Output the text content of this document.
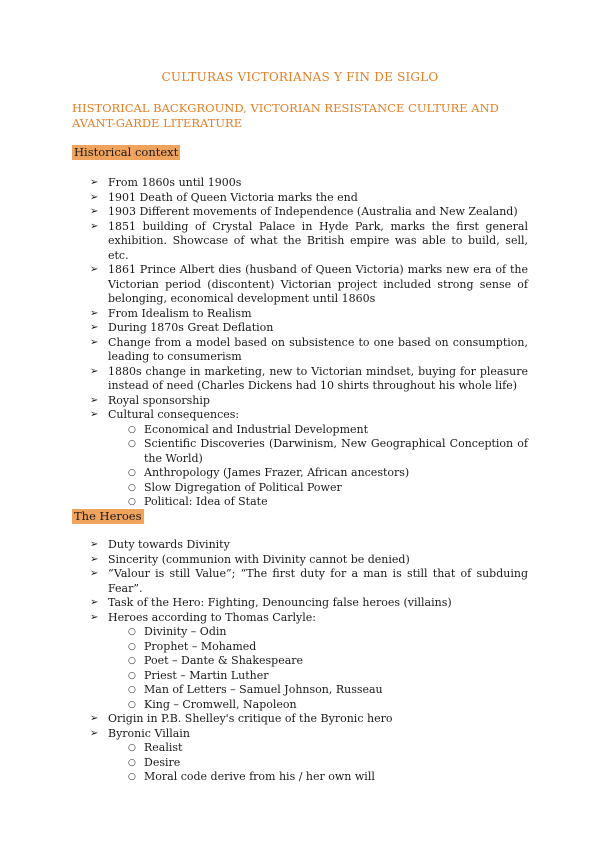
CULTURAS VICTORIANAS Y FIN DE SIGLO
HISTORICAL BACKGROUND, VICTORIAN RESISTANCE CULTURE AND AVANT-GARDE LITERATURE
Historical context
➢ From 1860s until 1900s
➢ 1901 Death of Queen Victoria marks the end
➢ 1903 Different movements of Independence (Australia and New Zealand)
➢ 1851 building of Crystal Palace in Hyde Park, marks the first general exhibition. Showcase of what the British empire was able to build, sell, etc.
➢ 1861 Prince Albert dies (husband of Queen Victoria) marks new era of the Victorian period (discontent) Victorian project included strong sense of belonging, economical development until 1860s
➢ From Idealism to Realism
➢ During 1870s Great Deflation
➢ Change from a model based on subsistence to one based on consumption, leading to consumerism
➢ 1880s change in marketing, new to Victorian mindset, buying for pleasure instead of need (Charles Dickens had 10 shirts throughout his whole life)
➢ Royal sponsorship
➢ Cultural consequences:
○ Economical and Industrial Development
○ Scientific Discoveries (Darwinism, New Geographical Conception of the World)
○ Anthropology (James Frazer, African ancestors)
○ Slow Digregation of Political Power
○ Political: Idea of State
The Heroes
➢ Duty towards Divinity
➢ Sincerity (communion with Divinity cannot be denied)
➢ “Valour is still Value”; “The first duty for a man is still that of subduing Fear”.
➢ Task of the Hero: Fighting, Denouncing false heroes (villains)
➢ Heroes according to Thomas Carlyle:
○ Divinity – Odin
○ Prophet – Mohamed
○ Poet – Dante & Shakespeare
○ Priest – Martin Luther
○ Man of Letters – Samuel Johnson, Russeau
○ King – Cromwell, Napoleon
➢ Origin in P.B. Shelley's critique of the Byronic hero
➢ Byronic Villain
○ Realist
○ Desire
○ Moral code derive from his / her own will
